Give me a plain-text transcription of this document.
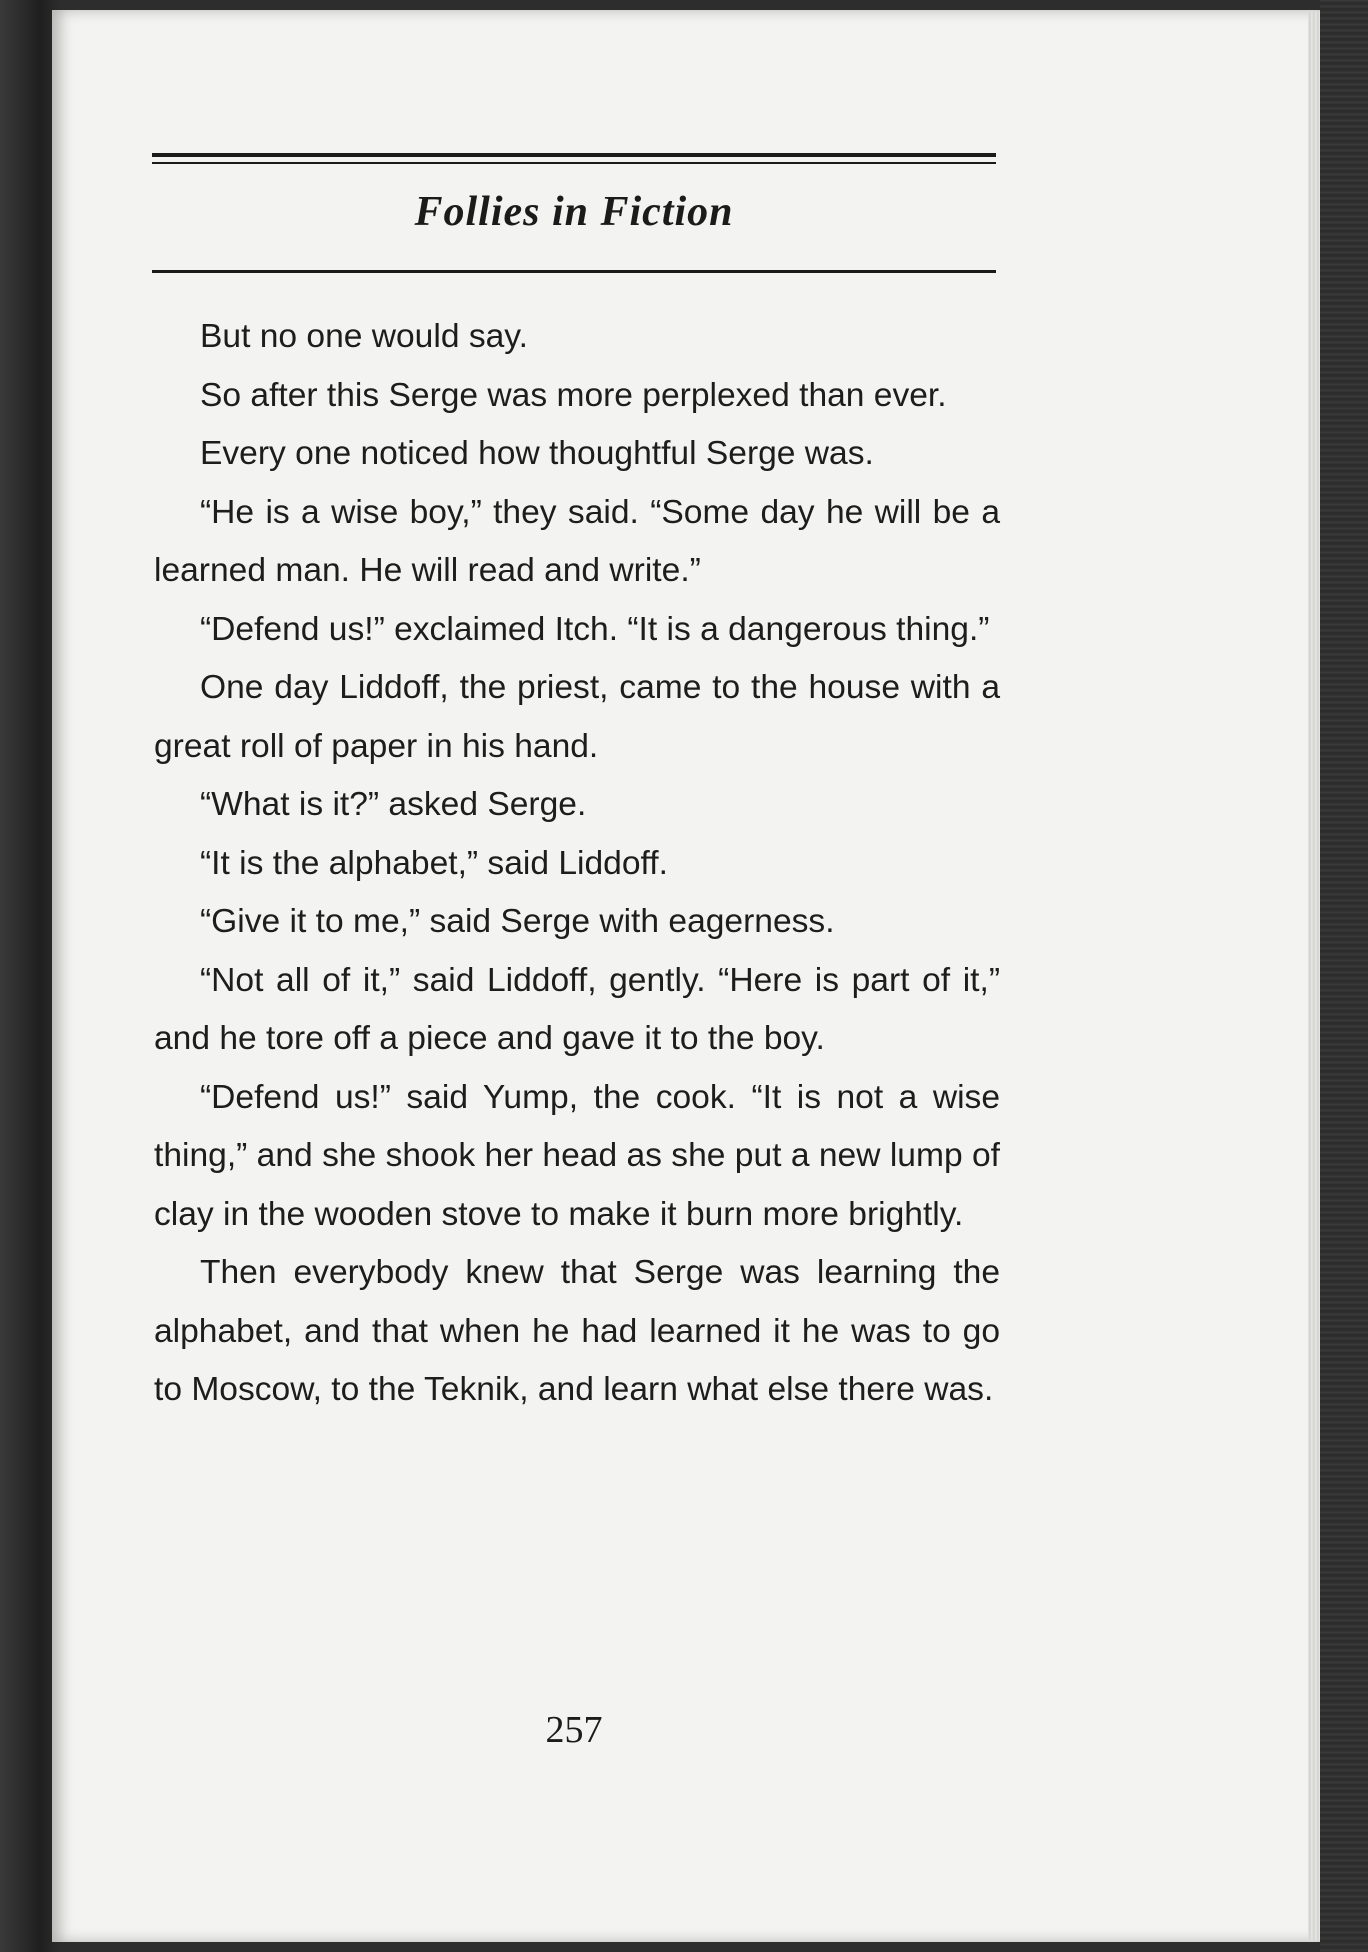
Follies in Fiction

But no one would say.

So after this Serge was more perplexed than ever.

Every one noticed how thoughtful Serge was.

“He is a wise boy,” they said. “Some day he will be a learned man. He will read and write.”

“Defend us!” exclaimed Itch. “It is a dangerous thing.”

One day Liddoff, the priest, came to the house with a great roll of paper in his hand.

“What is it?” asked Serge.

“It is the alphabet,” said Liddoff.

“Give it to me,” said Serge with eagerness.

“Not all of it,” said Liddoff, gently. “Here is part of it,” and he tore off a piece and gave it to the boy.

“Defend us!” said Yump, the cook. “It is not a wise thing,” and she shook her head as she put a new lump of clay in the wooden stove to make it burn more brightly.

Then everybody knew that Serge was learning the alphabet, and that when he had learned it he was to go to Moscow, to the Teknik, and learn what else there was.

257
